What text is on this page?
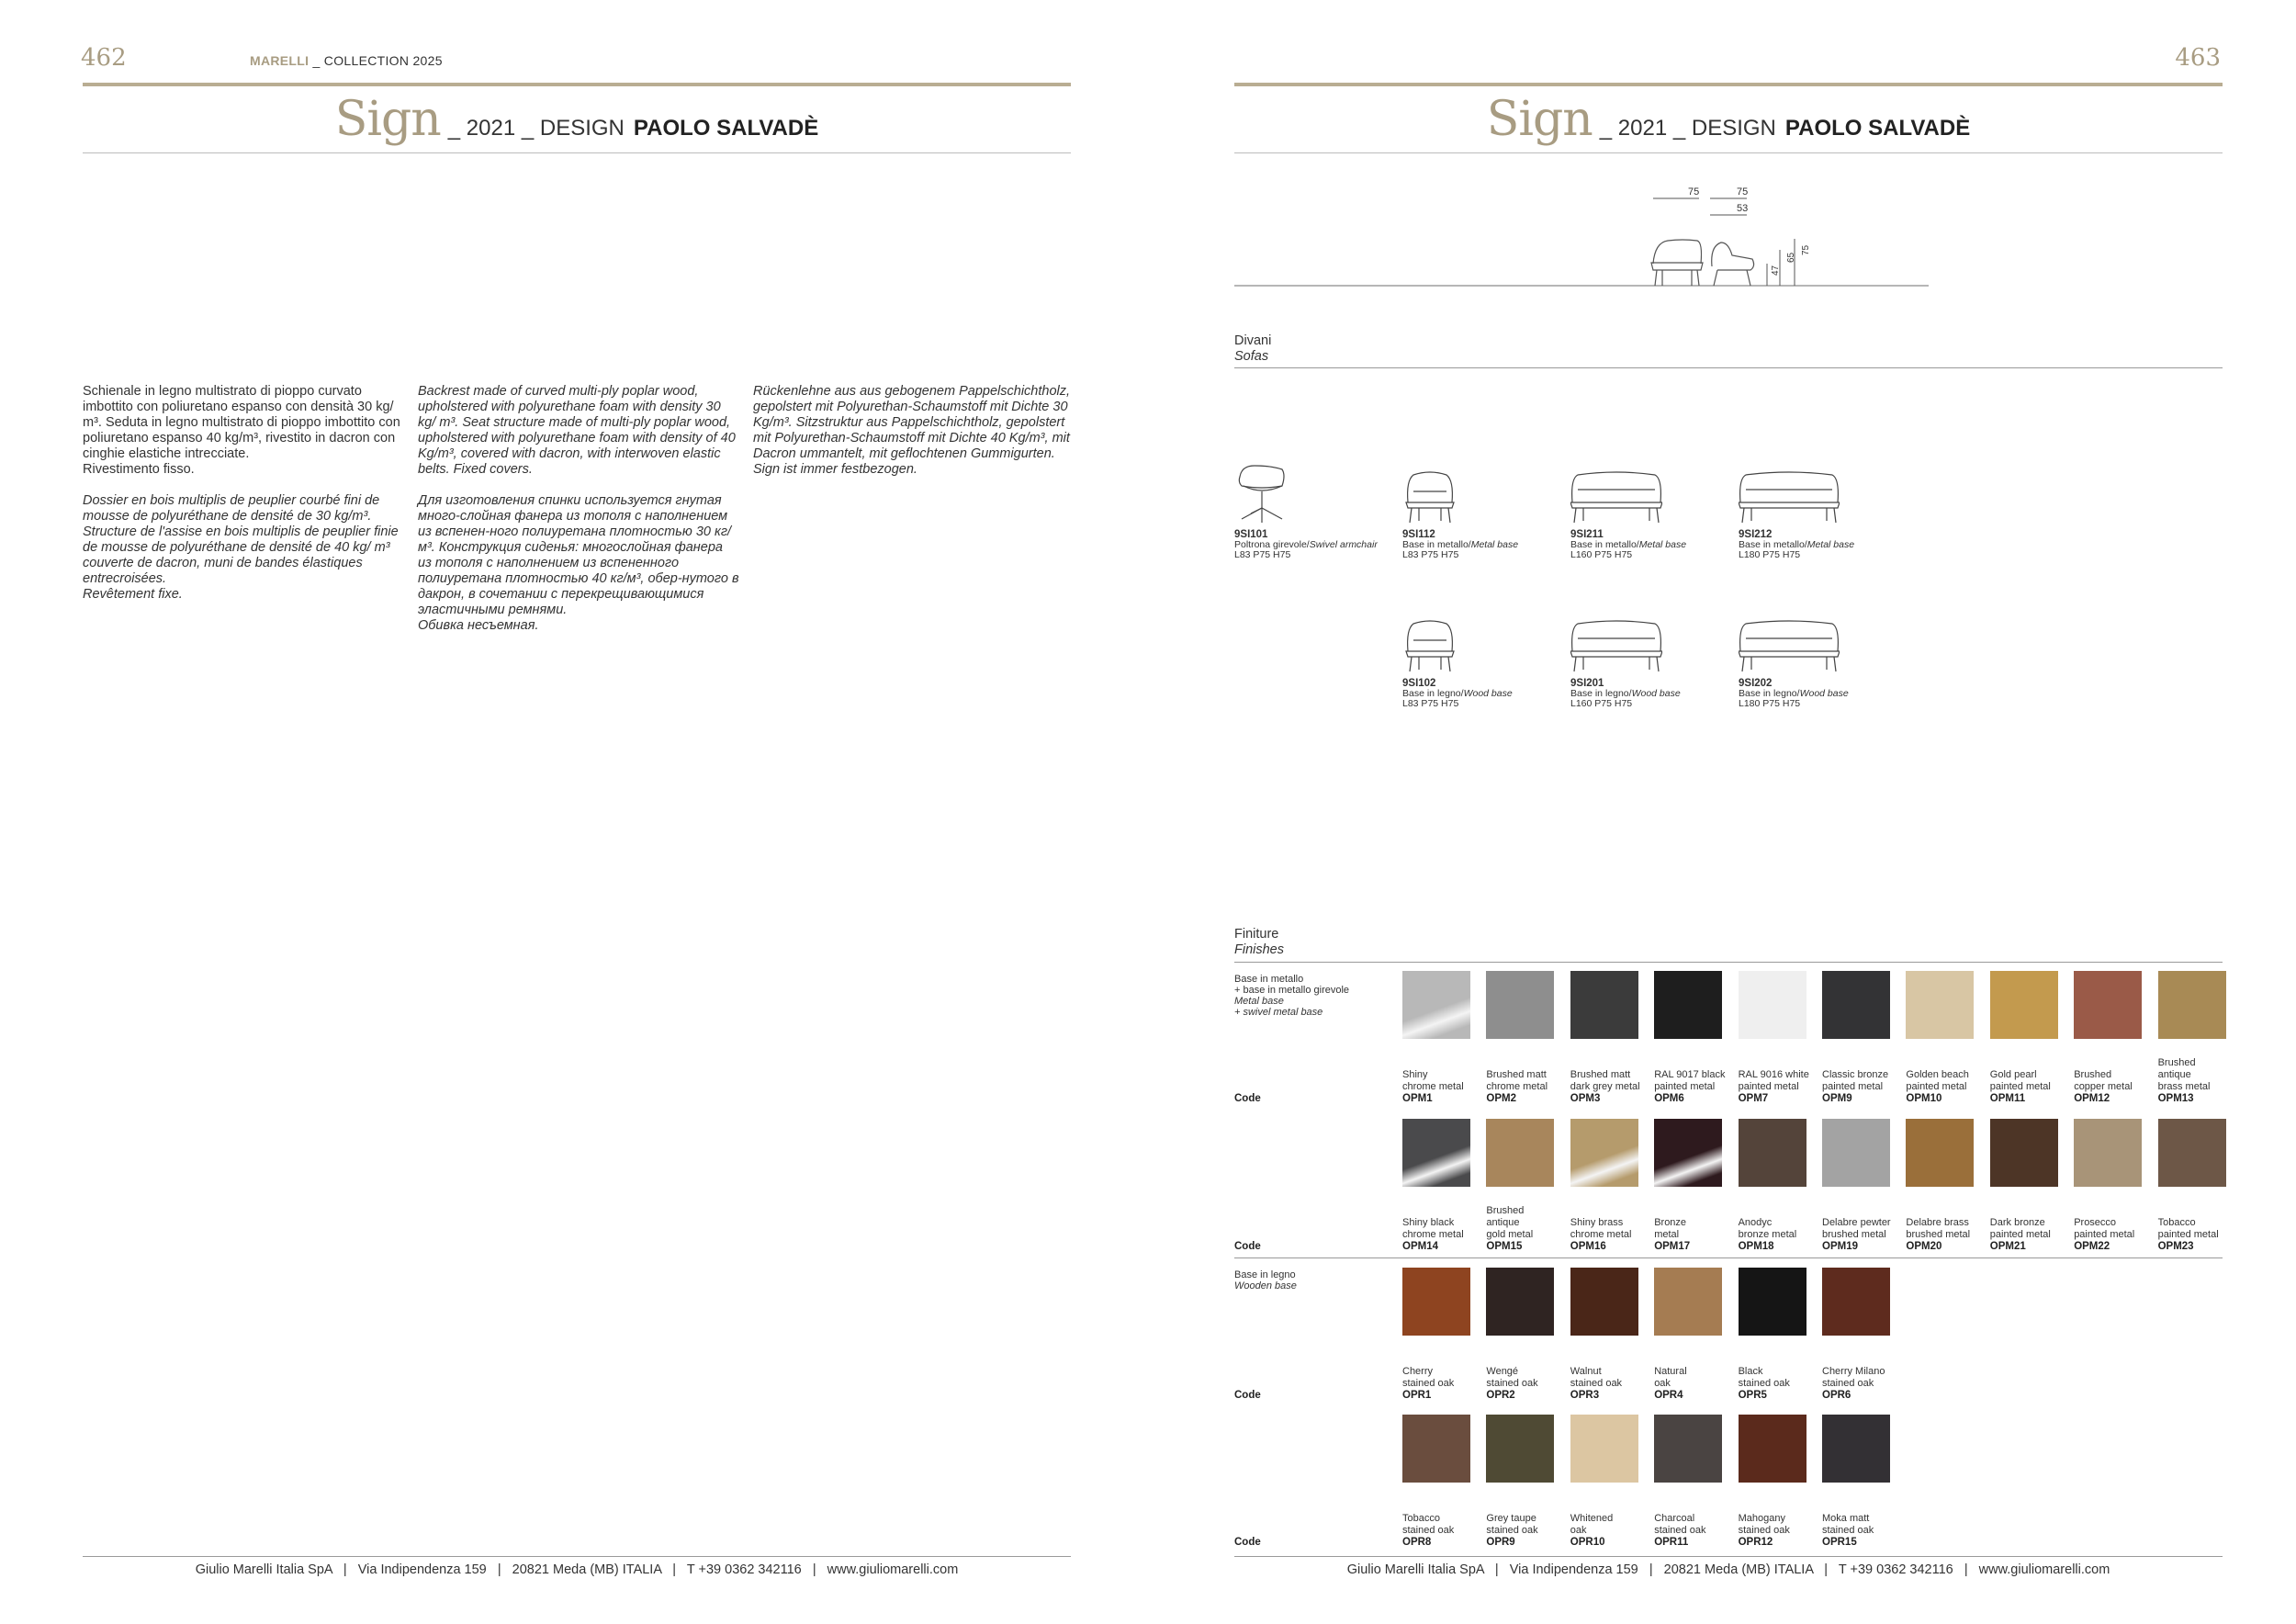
462	MARELLI _ COLLECTION 2025
Sign _ 2021 _ DESIGN PAOLO SALVADÈ

Schienale in legno multistrato di pioppo curvato imbottito con poliuretano espanso con densità 30 kg/ m³. Seduta in legno multistrato di pioppo imbottito con poliuretano espanso 40 kg/m³, rivestito in dacron con cinghie elastiche intrecciate.
Rivestimento fisso.

Dossier en bois multiplis de peuplier courbé fini de mousse de polyuréthane de densité de 30 kg/m³. Structure de l'assise en bois multiplis de peuplier finie de mousse de polyuréthane de densité de 40 kg/ m³ couverte de dacron, muni de bandes élastiques entrecroisées.
Revêtement fixe.

Backrest made of curved multi-ply poplar wood, upholstered with polyurethane foam with density 30 kg/ m³. Seat structure made of multi-ply poplar wood, upholstered with polyurethane foam with density of 40 Kg/m³, covered with dacron, with interwoven elastic belts. Fixed covers.

Для изготовления спинки используется гнутая много-слойная фанера из тополя с наполнением из вспенен-ного полиуретана плотностью 30 кг/м³. Конструкция сиденья: многослойная фанера из тополя с наполнением из вспененного полиуретана плотностью 40 кг/м³, обер-нутого в дакрон, в сочетании с перекрещивающимися эластичными ремнями.
Обивка несъемная.

Rückenlehne aus aus gebogenem Pappelschichtholz, gepolstert mit Polyurethan-Schaumstoff mit Dichte 30 Kg/m³. Sitzstruktur aus Pappelschichtholz, gepolstert mit Polyurethan-Schaumstoff mit Dichte 40 Kg/m³, mit Dacron ummantelt, mit geflochtenen Gummigurten. Sign ist immer festbezogen.

Giulio Marelli Italia SpA   |   Via Indipendenza 159   |   20821 Meda (MB) ITALIA   |   T +39 0362 342116   |   www.giuliomarelli.com
463
Sign _ 2021 _ DESIGN PAOLO SALVADÈ
Giulio Marelli Italia SpA   |   Via Indipendenza 159   |   20821 Meda (MB) ITALIA   |   T +39 0362 342116   |   www.giuliomarelli.com
75	75
53
47
65
75
Divani
Sofas
9SI101
Poltrona girevole/Swivel armchair
L83 P75 H75
9SI112
Base in metallo/Metal base
L83 P75 H75
9SI211
Base in metallo/Metal base
L160 P75 H75
9SI212
Base in metallo/Metal base
L180 P75 H75
9SI102
Base in legno/Wood base
L83 P75 H75
9SI201
Base in legno/Wood base
L160 P75 H75
9SI202
Base in legno/Wood base
L180 P75 H75
Finiture
Finishes
Base in metallo
+ base in metallo girevole
Metal base
+ swivel metal base
Code
Code
Base in legno
Wooden base
Code
Code
Shiny
chrome metal
OPM1
Brushed matt
chrome metal
OPM2
Brushed matt
dark grey metal
OPM3
RAL 9017 black
painted metal
OPM6
RAL 9016 white
painted metal
OPM7
Classic bronze
painted metal
OPM9
Golden beach
painted metal
OPM10
Gold pearl
painted metal
OPM11
Brushed
copper metal
OPM12
Brushed
antique
brass metal
OPM13
Shiny black
chrome metal
OPM14
Brushed
antique
gold metal
OPM15
Shiny brass
chrome metal
OPM16
Bronze
metal
OPM17
Anodyc
bronze metal
OPM18
Delabre pewter
brushed metal
OPM19
Delabre brass
brushed metal
OPM20
Dark bronze
painted metal
OPM21
Prosecco
painted metal
OPM22
Tobacco
painted metal
OPM23
Cherry
stained oak
OPR1
Wengé
stained oak
OPR2
Walnut
stained oak
OPR3
Natural
oak
OPR4
Black
stained oak
OPR5
Cherry Milano
stained oak
OPR6
Tobacco
stained oak
OPR8
Grey taupe
stained oak
OPR9
Whitened
oak
OPR10
Charcoal
stained oak
OPR11
Mahogany
stained oak
OPR12
Moka matt
stained oak
OPR15
